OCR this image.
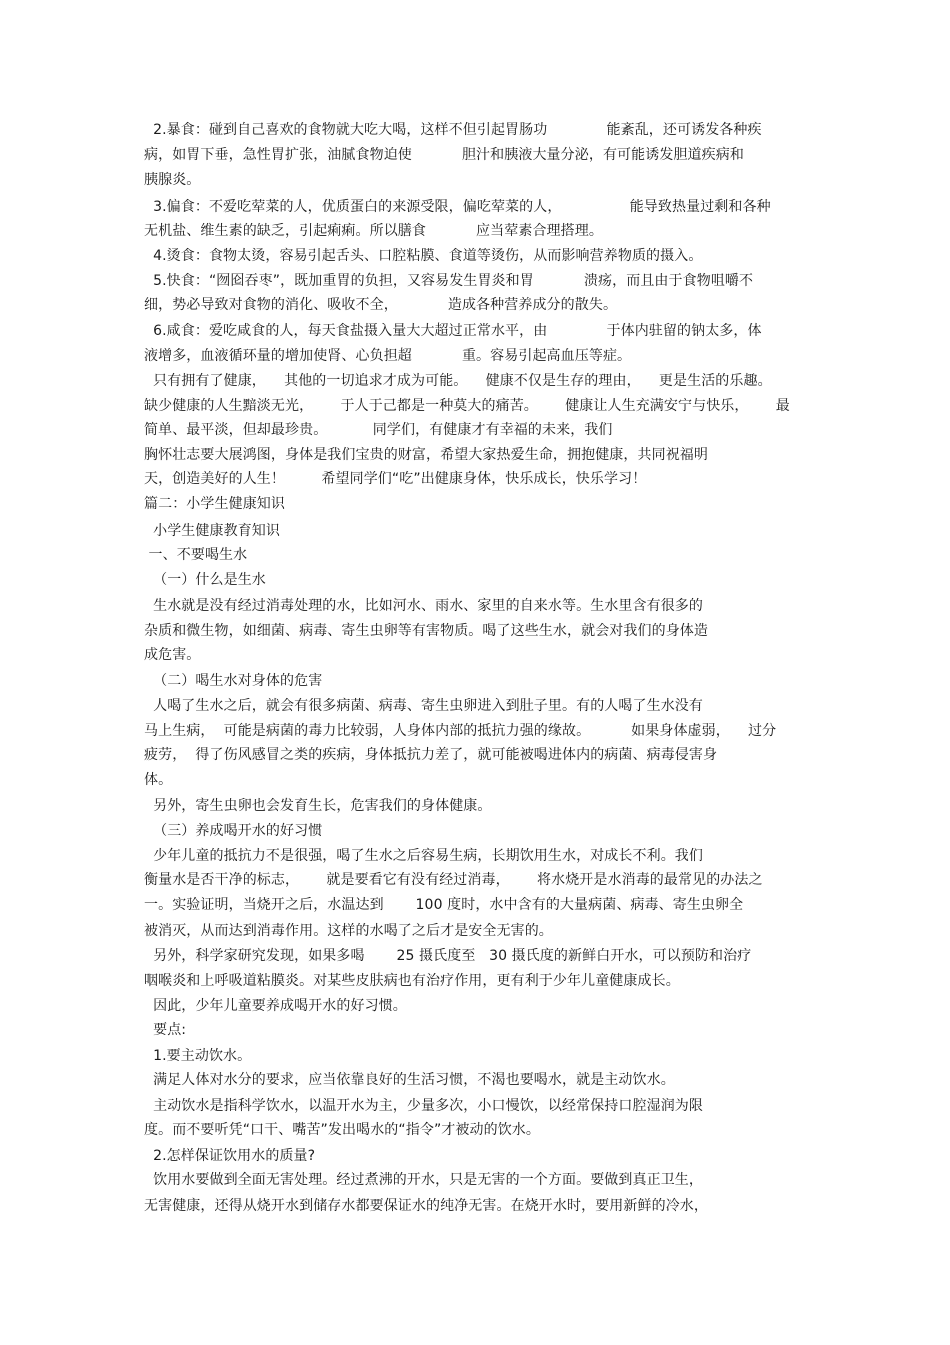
2.暴食：碰到自己喜欢的食物就大吃大喝，这样不但引起胃肠功             能紊乱，还可诱发各种疾
病，如胃下垂，急性胃扩张，油腻食物迫使           胆汁和胰液大量分泌，有可能诱发胆道疾病和
胰腺炎。
3.偏食：不爱吃荤菜的人，优质蛋白的来源受限，偏吃荤菜的人，               能导致热量过剩和各种
无机盐、维生素的缺乏，引起痢痢。所以膳食           应当荤素合理搭理。
4.烫食：食物太烫，容易引起舌头、口腔粘膜、食道等烫伤，从而影响营养物质的摄入。
5.快食：“囫囵吞枣”，既加重胃的负担，又容易发生胃炎和胃           溃疡，而且由于食物咀嚼不
细，势必导致对食物的消化、吸收不全，           造成各种营养成分的散失。
6.咸食：爱吃咸食的人，每天食盐摄入量大大超过正常水平，由             于体内驻留的钠太多，体
液增多，血液循环量的增加使肾、心负担超           重。容易引起高血压等症。
只有拥有了健康，    其他的一切追求才成为可能。    健康不仅是生存的理由，    更是生活的乐趣。
缺少健康的人生黯淡无光，      于人于己都是一种莫大的痛苦。      健康让人生充满安宁与快乐，      最
简单、最平淡，但却最珍贵。          同学们，有健康才有幸福的未来，我们
胸怀壮志要大展鸿图，身体是我们宝贵的财富，希望大家热爱生命，拥抱健康，共同祝福明
天，创造美好的人生！        希望同学们“吃”出健康身体，快乐成长，快乐学习！
篇二：小学生健康知识
小学生健康教育知识
一、不要喝生水
（一）什么是生水
生水就是没有经过消毒处理的水，比如河水、雨水、家里的自来水等。生水里含有很多的
杂质和微生物，如细菌、病毒、寄生虫卵等有害物质。喝了这些生水，就会对我们的身体造
成危害。
（二）喝生水对身体的危害
人喝了生水之后，就会有很多病菌、病毒、寄生虫卵进入到肚子里。有的人喝了生水没有
马上生病，  可能是病菌的毒力比较弱，人身体内部的抵抗力强的缘故。         如果身体虚弱，    过分
疲劳，  得了伤风感冒之类的疾病，身体抵抗力差了，就可能被喝进体内的病菌、病毒侵害身
体。
另外，寄生虫卵也会发育生长，危害我们的身体健康。
（三）养成喝开水的好习惯
少年儿童的抵抗力不是很强，喝了生水之后容易生病，长期饮用生水，对成长不利。我们
衡量水是否干净的标志，      就是要看它有没有经过消毒，      将水烧开是水消毒的最常见的办法之
一。实验证明，当烧开之后，水温达到       100 度时，水中含有的大量病菌、病毒、寄生虫卵全
被消灭，从而达到消毒作用。这样的水喝了之后才是安全无害的。
另外，科学家研究发现，如果多喝       25 摄氏度至   30 摄氏度的新鲜白开水，可以预防和治疗
咽喉炎和上呼吸道粘膜炎。对某些皮肤病也有治疗作用，更有利于少年儿童健康成长。
因此，少年儿童要养成喝开水的好习惯。
要点:
1.要主动饮水。
满足人体对水分的要求，应当依靠良好的生活习惯，不渴也要喝水，就是主动饮水。
主动饮水是指科学饮水，以温开水为主，少量多次，小口慢饮，以经常保持口腔湿润为限
度。而不要听凭“口干、嘴苦”发出喝水的“指令”才被动的饮水。
2.怎样保证饮用水的质量?
饮用水要做到全面无害处理。经过煮沸的开水，只是无害的一个方面。要做到真正卫生，
无害健康，还得从烧开水到储存水都要保证水的纯净无害。在烧开水时，要用新鲜的冷水，
